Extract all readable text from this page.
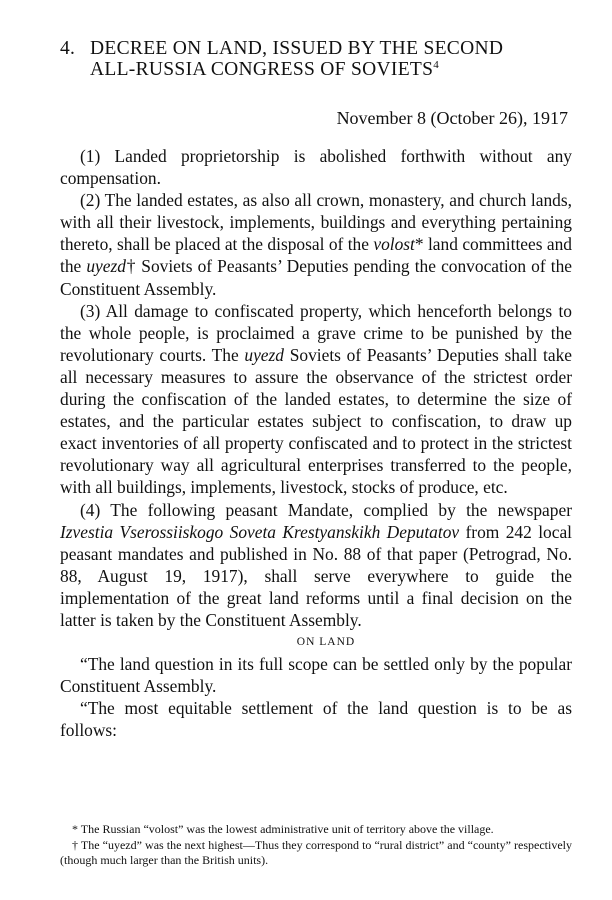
4. DECREE ON LAND, ISSUED BY THE SECOND
ALL-RUSSIA CONGRESS OF SOVIETS$^4$
November 8 (October 26), 1917

(1) Landed proprietorship is abolished forthwith without any compensation.

(2) The landed estates, as also all crown, monastery, and church lands, with all their livestock, implements, buildings and everything pertaining thereto, shall be placed at the disposal of the volost* land committees and the uyezd† Soviets of Peasants’ Deputies pending the convocation of the Constituent Assembly.

(3) All damage to confiscated property, which henceforth belongs to the whole people, is proclaimed a grave crime to be punished by the revolutionary courts. The uyezd Soviets of Peasants’ Deputies shall take all necessary measures to assure the observance of the strictest order during the confiscation of the landed estates, to determine the size of estates, and the particular estates subject to confiscation, to draw up exact inventories of all property confiscated and to protect in the strictest revolutionary way all agricultural enterprises transferred to the people, with all buildings, implements, livestock, stocks of produce, etc.

(4) The following peasant Mandate, complied by the newspaper Izvestia Vserossiiskogo Soveta Krestyanskikh Deputatov from 242 local peasant mandates and published in No. 88 of that paper (Petrograd, No. 88, August 19, 1917), shall serve everywhere to guide the implementation of the great land reforms until a final decision on the latter is taken by the Constituent Assembly.

ON LAND

“The land question in its full scope can be settled only by the popular Constituent Assembly.

“The most equitable settlement of the land question is to be as follows:

* The Russian “volost” was the lowest administrative unit of territory above the village.

† The “uyezd” was the next highest—Thus they correspond to “rural district” and “county” respectively (though much larger than the British units).
